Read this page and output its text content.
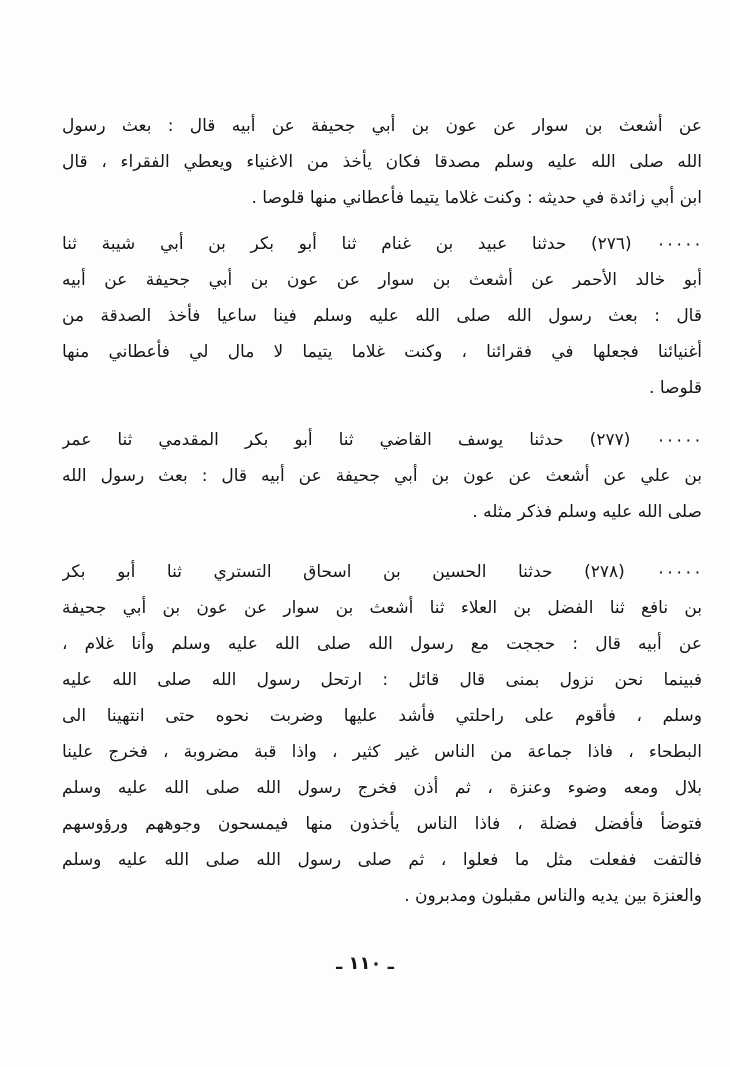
عن أشعث بن سوار عن عون بن أبي جحيفة عن أبيه قال : بعث رسول
الله صلى الله عليه وسلم مصدقا فكان يأخذ من الاغنياء ويعطي الفقراء ، قال
ابن أبي زائدة في حديثه : وكنت غلاما يتيما فأعطاني منها قلوصا .
٠٠٠٠٠ (٢٧٦) حدثنا عبيد بن غنام ثنا أبو بكر بن أبي شيبة ثنا
أبو خالد الأحمر عن أشعث بن سوار عن عون بن أبي جحيفة عن أبيه
قال : بعث رسول الله صلى الله عليه وسلم فينا ساعيا فأخذ الصدقة من
أغنيائنا فجعلها في فقرائنا ، وكنت غلاما يتيما لا مال لي فأعطاني منها
قلوصا .
٠٠٠٠٠ (٢٧٧) حدثنا يوسف القاضي ثنا أبو بكر المقدمي ثنا عمر
بن علي عن أشعث عن عون بن أبي جحيفة عن أبيه قال : بعث رسول الله
صلى الله عليه وسلم فذكر مثله .
٠٠٠٠٠ (٢٧٨) حدثنا الحسين بن اسحاق التستري ثنا أبو بكر
بن نافع ثنا الفضل بن العلاء ثنا أشعث بن سوار عن عون بن أبي جحيفة
عن أبيه قال : حججت مع رسول الله صلى الله عليه وسلم وأنا غلام ،
فبينما نحن نزول بمنى قال قائل : ارتحل رسول الله صلى الله عليه
وسلم ، فأقوم على راحلتي فأشد عليها وضربت نحوه حتى انتهينا الى
البطحاء ، فاذا جماعة من الناس غير كثير ، واذا قبة مضروبة ، فخرج علينا
بلال ومعه وضوء وعنزة ، ثم أذن فخرج رسول الله صلى الله عليه وسلم
فتوضأ فأفضل فضلة ، فاذا الناس يأخذون منها فيمسحون وجوههم ورؤوسهم
فالتفت ففعلت مثل ما فعلوا ، ثم صلى رسول الله صلى الله عليه وسلم
والعنزة بين يديه والناس مقبلون ومدبرون .
ـ ١١٠ ـ
